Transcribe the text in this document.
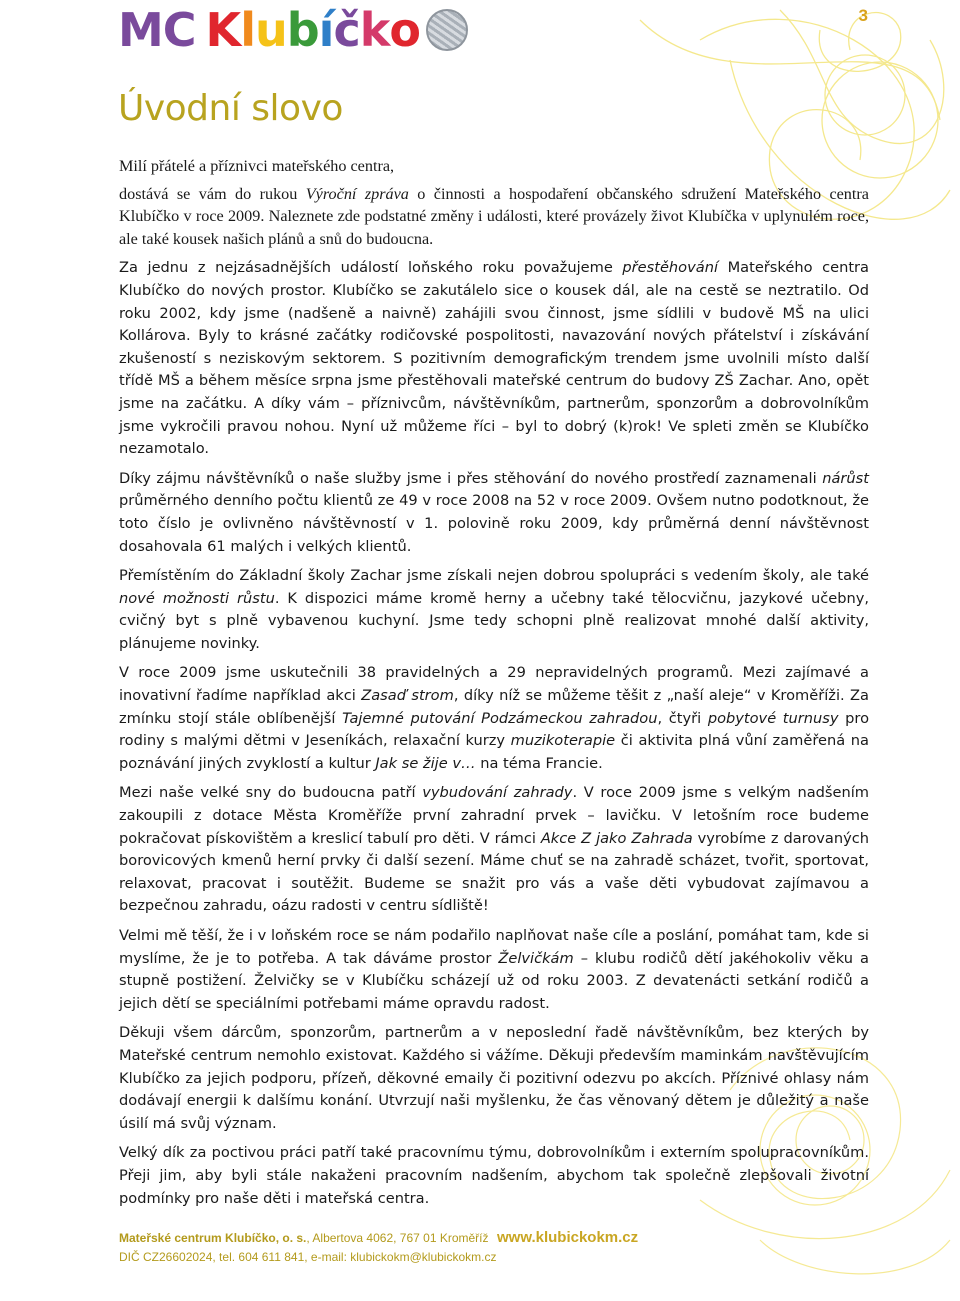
3
MC K l u b í č k o
Úvodní slovo

Milí přátelé a příznivci mateřského centra,

dostává se vám do rukou Výroční zpráva o činnosti a hospodaření občanského sdružení Mateřského centra Klubíčko v roce 2009. Naleznete zde podstatné změny i události, které provázely život Klubíčka v uplynulém roce, ale také kousek našich plánů a snů do budoucna.

Za jednu z nejzásadnějších událostí loňského roku považujeme přestěhování Mateřského centra Klubíčko do nových prostor. Klubíčko se zakutálelo sice o kousek dál, ale na cestě se neztratilo. Od roku 2002, kdy jsme (nadšeně a naivně) zahájili svou činnost, jsme sídlili v budově MŠ na ulici Kollárova. Byly to krásné začátky rodičovské pospolitosti, navazování nových přátelství i získávání zkušeností s neziskovým sektorem. S pozitivním demografickým trendem jsme uvolnili místo další třídě MŠ a během měsíce srpna jsme přestěhovali mateřské centrum do budovy ZŠ Zachar. Ano, opět jsme na začátku. A díky vám – příznivcům, návštěvníkům, partnerům, sponzorům a dobrovolníkům jsme vykročili pravou nohou. Nyní už můžeme říci – byl to dobrý (k)rok! Ve spleti změn se Klubíčko nezamotalo.

Díky zájmu návštěvníků o naše služby jsme i přes stěhování do nového prostředí zaznamenali nárůst průměrného denního počtu klientů ze 49 v roce 2008 na 52 v roce 2009. Ovšem nutno podotknout, že toto číslo je ovlivněno návštěvností v 1. polovině roku 2009, kdy průměrná denní návštěvnost dosahovala 61 malých i velkých klientů.

Přemístěním do Základní školy Zachar jsme získali nejen dobrou spolupráci s vedením školy, ale také nové možnosti růstu. K dispozici máme kromě herny a učebny také tělocvičnu, jazykové učebny, cvičný byt s plně vybavenou kuchyní. Jsme tedy schopni plně realizovat mnohé další aktivity, plánujeme novinky.

V roce 2009 jsme uskutečnili 38 pravidelných a 29 nepravidelných programů. Mezi zajímavé a inovativní řadíme například akci Zasaď strom, díky níž se můžeme těšit z „naší aleje“ v Kroměříži. Za zmínku stojí stále oblíbenější Tajemné putování Podzámeckou zahradou, čtyři pobytové turnusy pro rodiny s malými dětmi v Jeseníkách, relaxační kurzy muzikoterapie či aktivita plná vůní zaměřená na poznávání jiných zvyklostí a kultur Jak se žije v… na téma Francie.

Mezi naše velké sny do budoucna patří vybudování zahrady. V roce 2009 jsme s velkým nadšením zakoupili z dotace Města Kroměříže první zahradní prvek – lavičku. V letošním roce budeme pokračovat pískovištěm a kreslicí tabulí pro děti. V rámci Akce Z jako Zahrada vyrobíme z darovaných borovicových kmenů herní prvky či další sezení. Máme chuť se na zahradě scházet, tvořit, sportovat, relaxovat, pracovat i soutěžit. Budeme se snažit pro vás a vaše děti vybudovat zajímavou a bezpečnou zahradu, oázu radosti v centru sídliště!

Velmi mě těší, že i v loňském roce se nám podařilo naplňovat naše cíle a poslání, pomáhat tam, kde si myslíme, že je to potřeba. A tak dáváme prostor Želvičkám – klubu rodičů dětí jakéhokoliv věku a stupně postižení. Želvičky se v Klubíčku scházejí už od roku 2003. Z devatenácti setkání rodičů a jejich dětí se speciálními potřebami máme opravdu radost.

Děkuji všem dárcům, sponzorům, partnerům a v neposlední řadě návštěvníkům, bez kterých by Mateřské centrum nemohlo existovat. Každého si vážíme. Děkuji především maminkám navštěvujícím Klubíčko za jejich podporu, přízeň, děkovné emaily či pozitivní odezvu po akcích. Příznivé ohlasy nám dodávají energii k dalšímu konání. Utvrzují naši myšlenku, že čas věnovaný dětem je důležitý a naše úsilí má svůj význam.

Velký dík za poctivou práci patří také pracovnímu týmu, dobrovolníkům i externím spolupracovníkům. Přeji jim, aby byli stále nakaženi pracovním nadšením, abychom tak společně zlepšovali životní podmínky pro naše děti i mateřská centra.

Mateřské centrum Klubíčko, o. s., Albertova 4062, 767 01 Kroměříž
DIČ CZ26602024, tel. 604 611 841, e-mail: klubickokm@klubickokm.cz
www.klubickokm.cz
